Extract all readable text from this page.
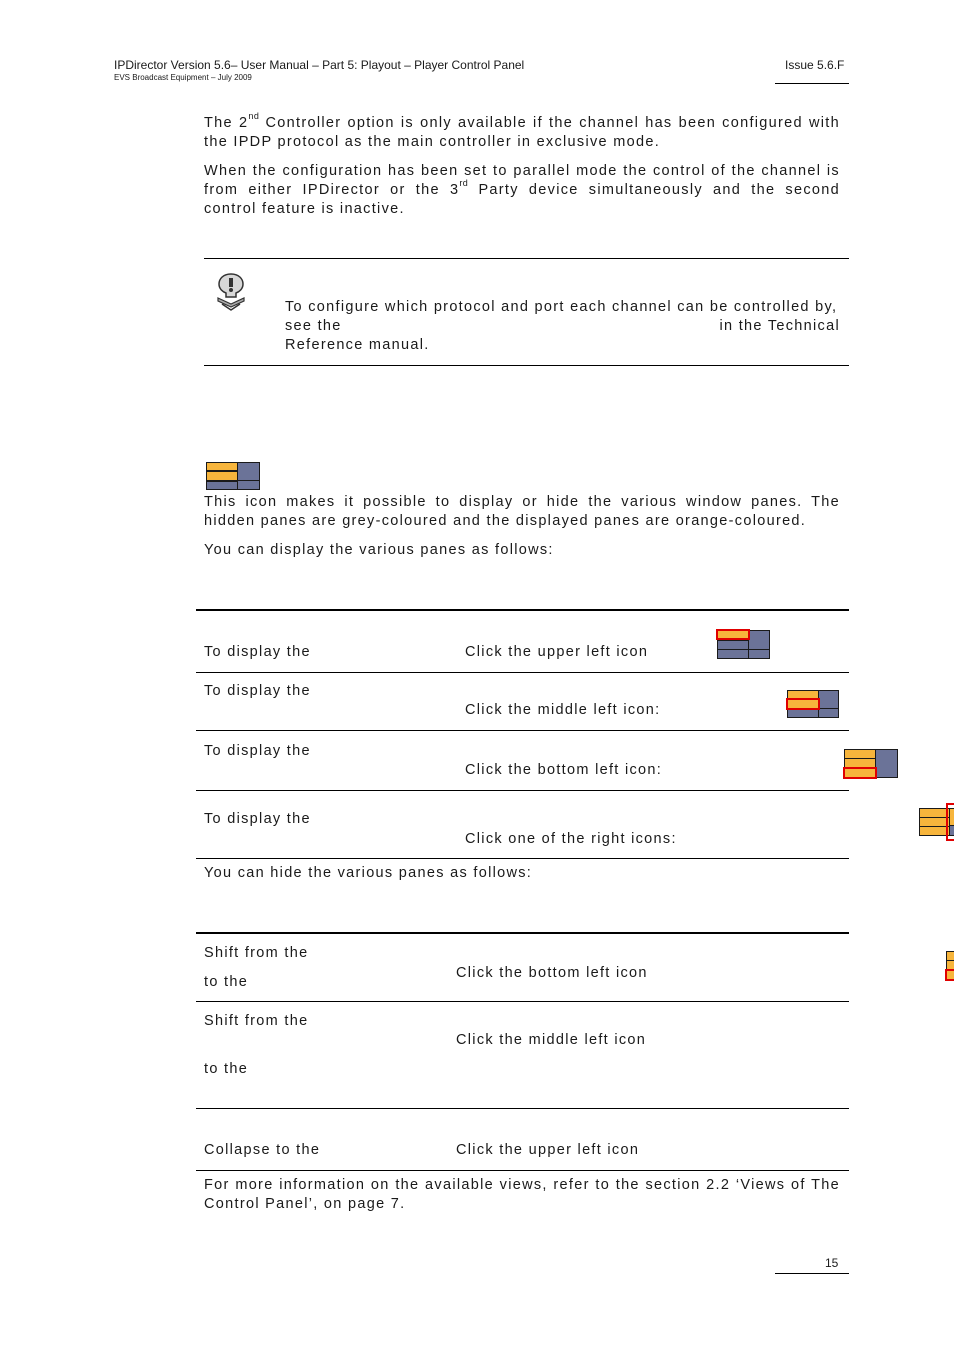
IPDirector Version 5.6– User Manual – Part 5: Playout – Player Control Panel
EVS Broadcast Equipment – July 2009
Issue 5.6.F
The 2nd Controller option is only available if the channel has been configured with the IPDP protocol as the main controller in exclusive mode.
When the configuration has been set to parallel mode the control of the channel is from either IPDirector or the 3rd Party device simultaneously and the second control feature is inactive.
To configure which protocol and port each channel can be controlled by,
see the	in the Technical
Reference manual.

This icon makes it possible to display or hide the various window panes. The hidden panes are grey-coloured and the displayed panes are orange-coloured.
You can display the various panes as follows:
To display the	Click the upper left icon

To display the
Click the middle left icon:

To display the
Click the bottom left icon:

To display the
Click one of the right icons:

You can hide the various panes as follows:
Shift from the
to the
Click the bottom left icon

Shift from the
to the
Click the middle left icon

Collapse to the	Click the upper left icon
For more information on the available views, refer to the section 2.2 ‘Views of The Control Panel’, on page 7.
15
